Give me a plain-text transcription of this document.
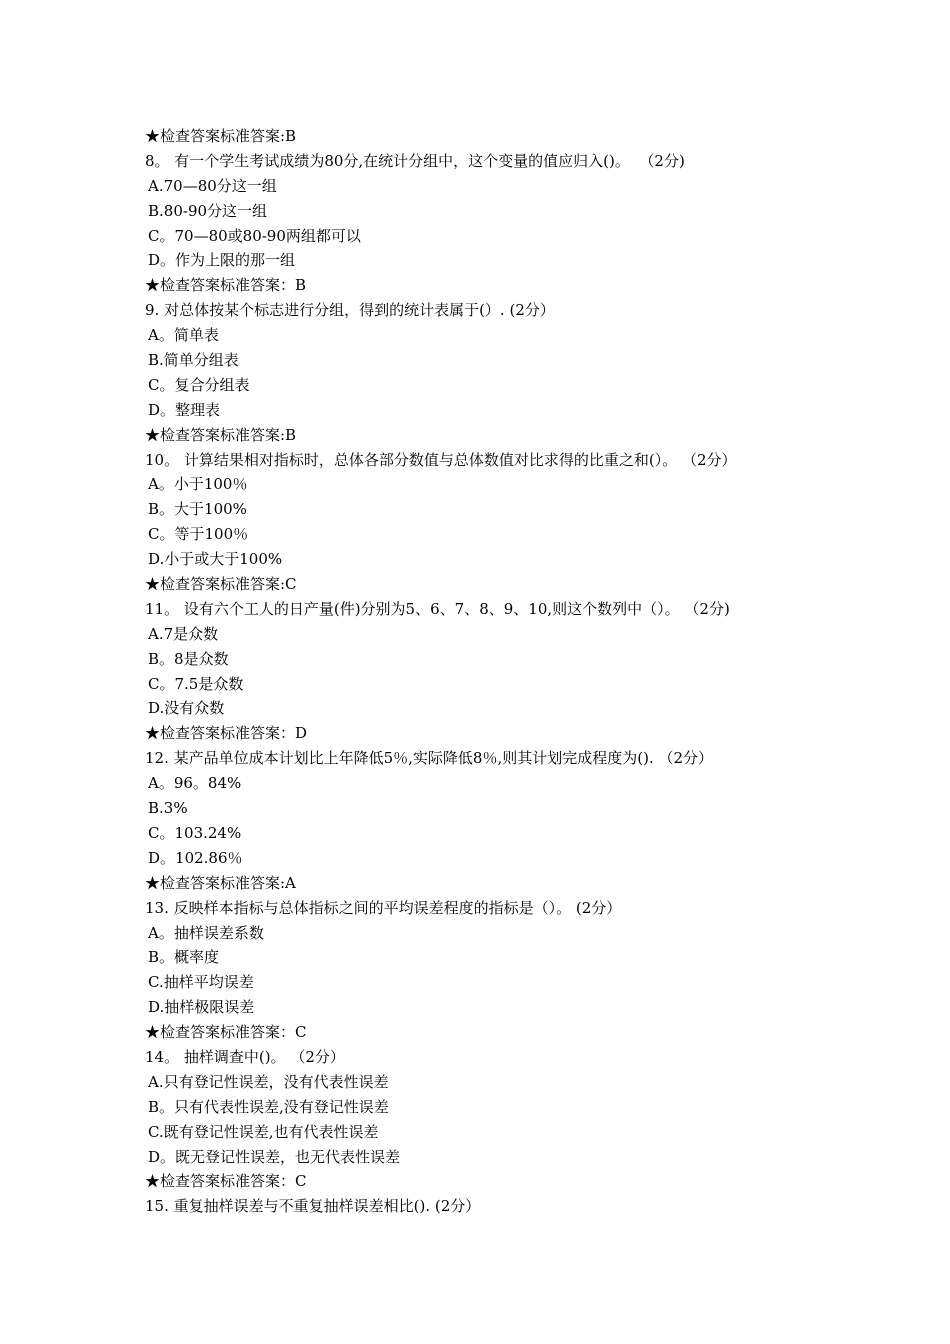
★检查答案标准答案:B
8。 有一个学生考试成绩为80分,在统计分组中，这个变量的值应归入()。  （2分)
A.70—80分这一组
B.80-90分这一组
C。70—80或80-90两组都可以
D。作为上限的那一组
★检查答案标准答案：B
9. 对总体按某个标志进行分组，得到的统计表属于(）. (2分）
A。简单表
B.简单分组表
C。复合分组表
D。整理表
★检查答案标准答案:B
10。 计算结果相对指标时，总体各部分数值与总体数值对比求得的比重之和(）。 （2分）
A。小于100％
B。大于100%
C。等于100％
D.小于或大于100%
★检查答案标准答案:C
11。 设有六个工人的日产量(件)分别为5、6、7、8、9、10,则这个数列中（）。 （2分)
A.7是众数
B。8是众数
C。7.5是众数
D.没有众数
★检查答案标准答案：D
12. 某产品单位成本计划比上年降低5％,实际降低8％,则其计划完成程度为(). （2分）
A。96。84%
B.3%
C。103.24%
D。102.86％
★检查答案标准答案:A
13. 反映样本指标与总体指标之间的平均误差程度的指标是（）。 (2分）
A。抽样误差系数
B。概率度
C.抽样平均误差
D.抽样极限误差
★检查答案标准答案：C
14。 抽样调查中()。 （2分）
A.只有登记性误差，没有代表性误差
B。只有代表性误差,没有登记性误差
C.既有登记性误差,也有代表性误差
D。既无登记性误差，也无代表性误差
★检查答案标准答案：C
15. 重复抽样误差与不重复抽样误差相比(). (2分）
